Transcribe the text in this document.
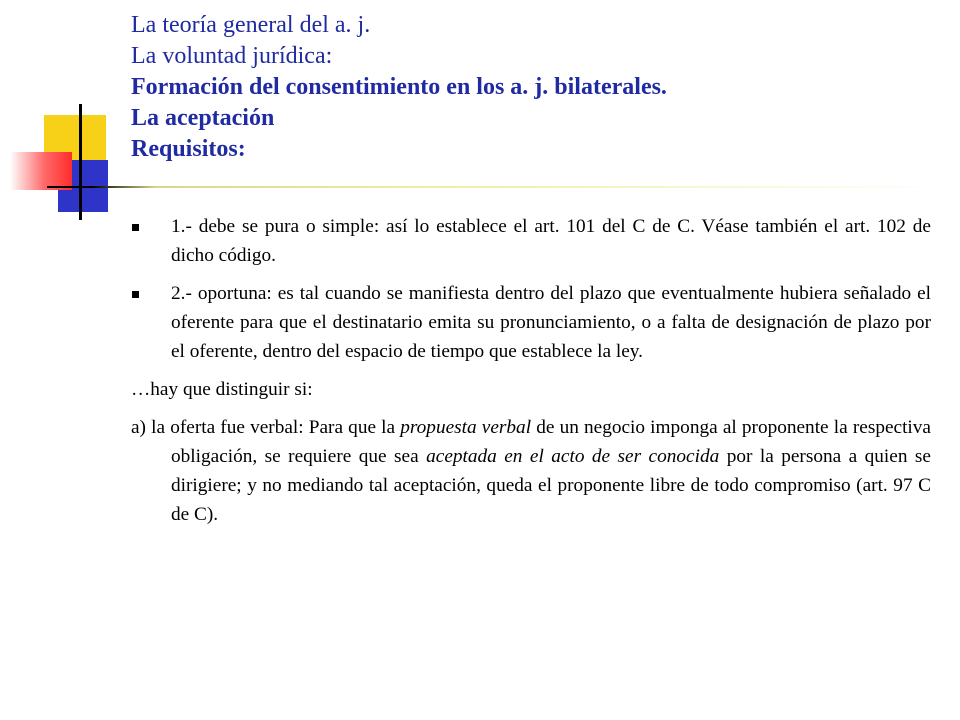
La teoría general del a. j.
La voluntad jurídica:
Formación del consentimiento en los a. j. bilaterales.
La aceptación
Requisitos:
1.- debe se pura o simple: así lo establece el art. 101 del C de C. Véase también el art. 102 de dicho código.
2.- oportuna: es tal cuando se manifiesta dentro del plazo que eventualmente hubiera señalado el oferente para que el destinatario emita su pronunciamiento, o a falta de designación de plazo por el oferente, dentro del espacio de tiempo que establece la ley.
…hay que distinguir si:
a) la oferta fue verbal: Para que la propuesta verbal de un negocio imponga al proponente la respectiva obligación, se requiere que sea aceptada en el acto de ser conocida por la persona a quien se dirigiere; y no mediando tal aceptación, queda el proponente libre de todo compromiso (art. 97 C de C).
